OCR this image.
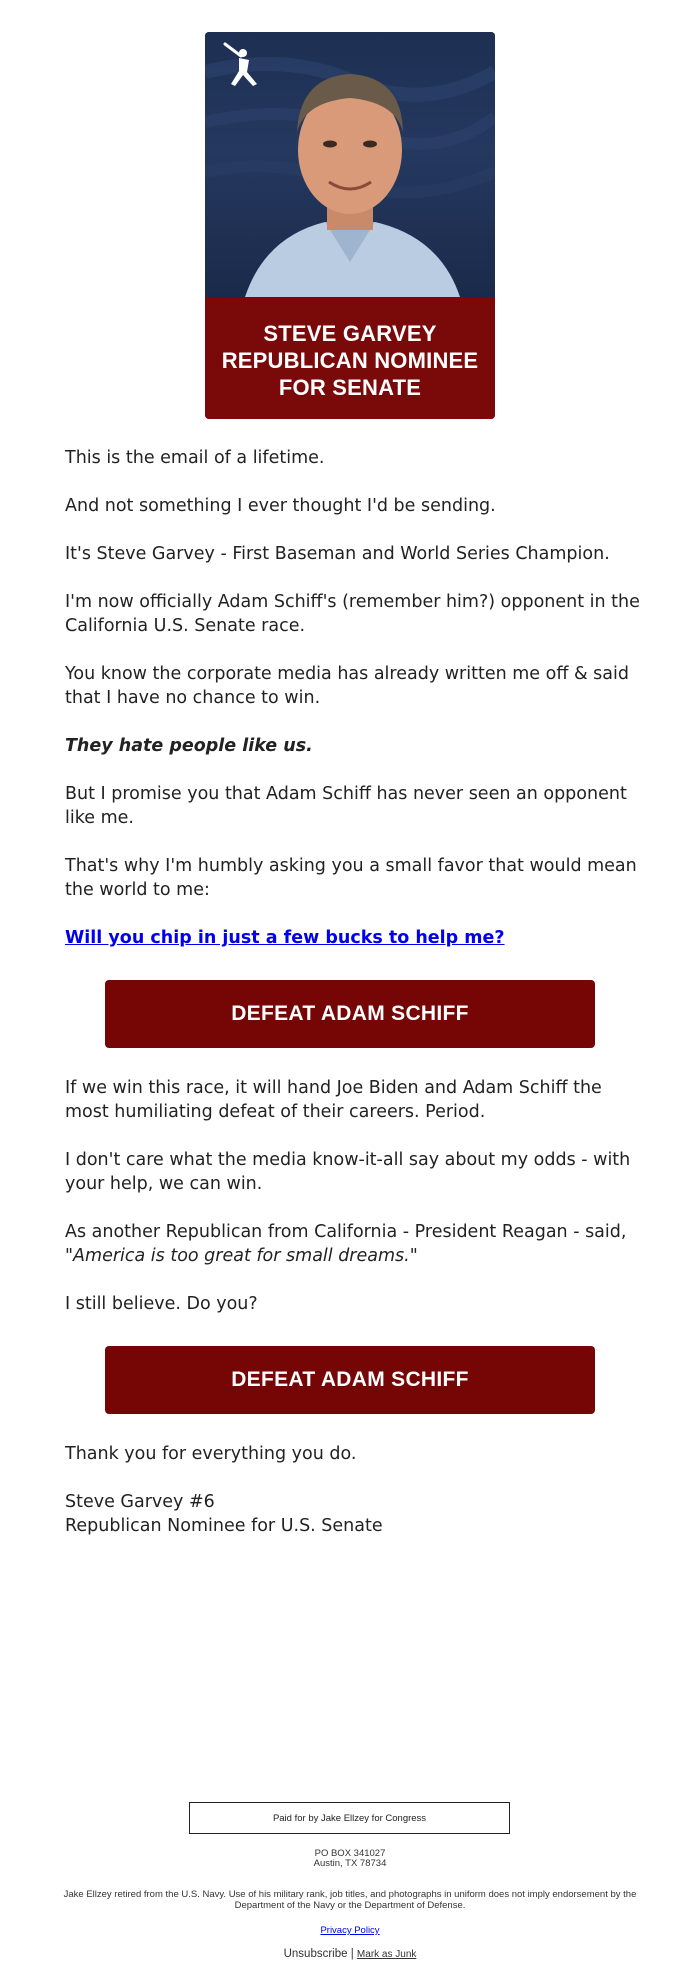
STEVE GARVEY
REPUBLICAN NOMINEE
FOR SENATE

This is the email of a lifetime.

And not something I ever thought I'd be sending.

It's Steve Garvey - First Baseman and World Series Champion.

I'm now officially Adam Schiff's (remember him?) opponent in the California U.S. Senate race.

You know the corporate media has already written me off & said that I have no chance to win.

They hate people like us.

But I promise you that Adam Schiff has never seen an opponent like me.

That's why I'm humbly asking you a small favor that would mean the world to me:

Will you chip in just a few bucks to help me?
DEFEAT ADAM SCHIFF

If we win this race, it will hand Joe Biden and Adam Schiff the most humiliating defeat of their careers. Period.

I don't care what the media know-it-all say about my odds - with your help, we can win.

As another Republican from California - President Reagan - said,
"America is too great for small dreams."

I still believe. Do you?

DEFEAT ADAM SCHIFF

Thank you for everything you do.

Steve Garvey #6
Republican Nominee for U.S. Senate

Paid for by Jake Ellzey for Congress
PO BOX 341027
Austin, TX 78734
Jake Ellzey retired from the U.S. Navy. Use of his military rank, job titles, and photographs in uniform does not imply endorsement by the Department of the Navy or the Department of Defense.
Privacy Policy
Unsubscribe | Mark as Junk
